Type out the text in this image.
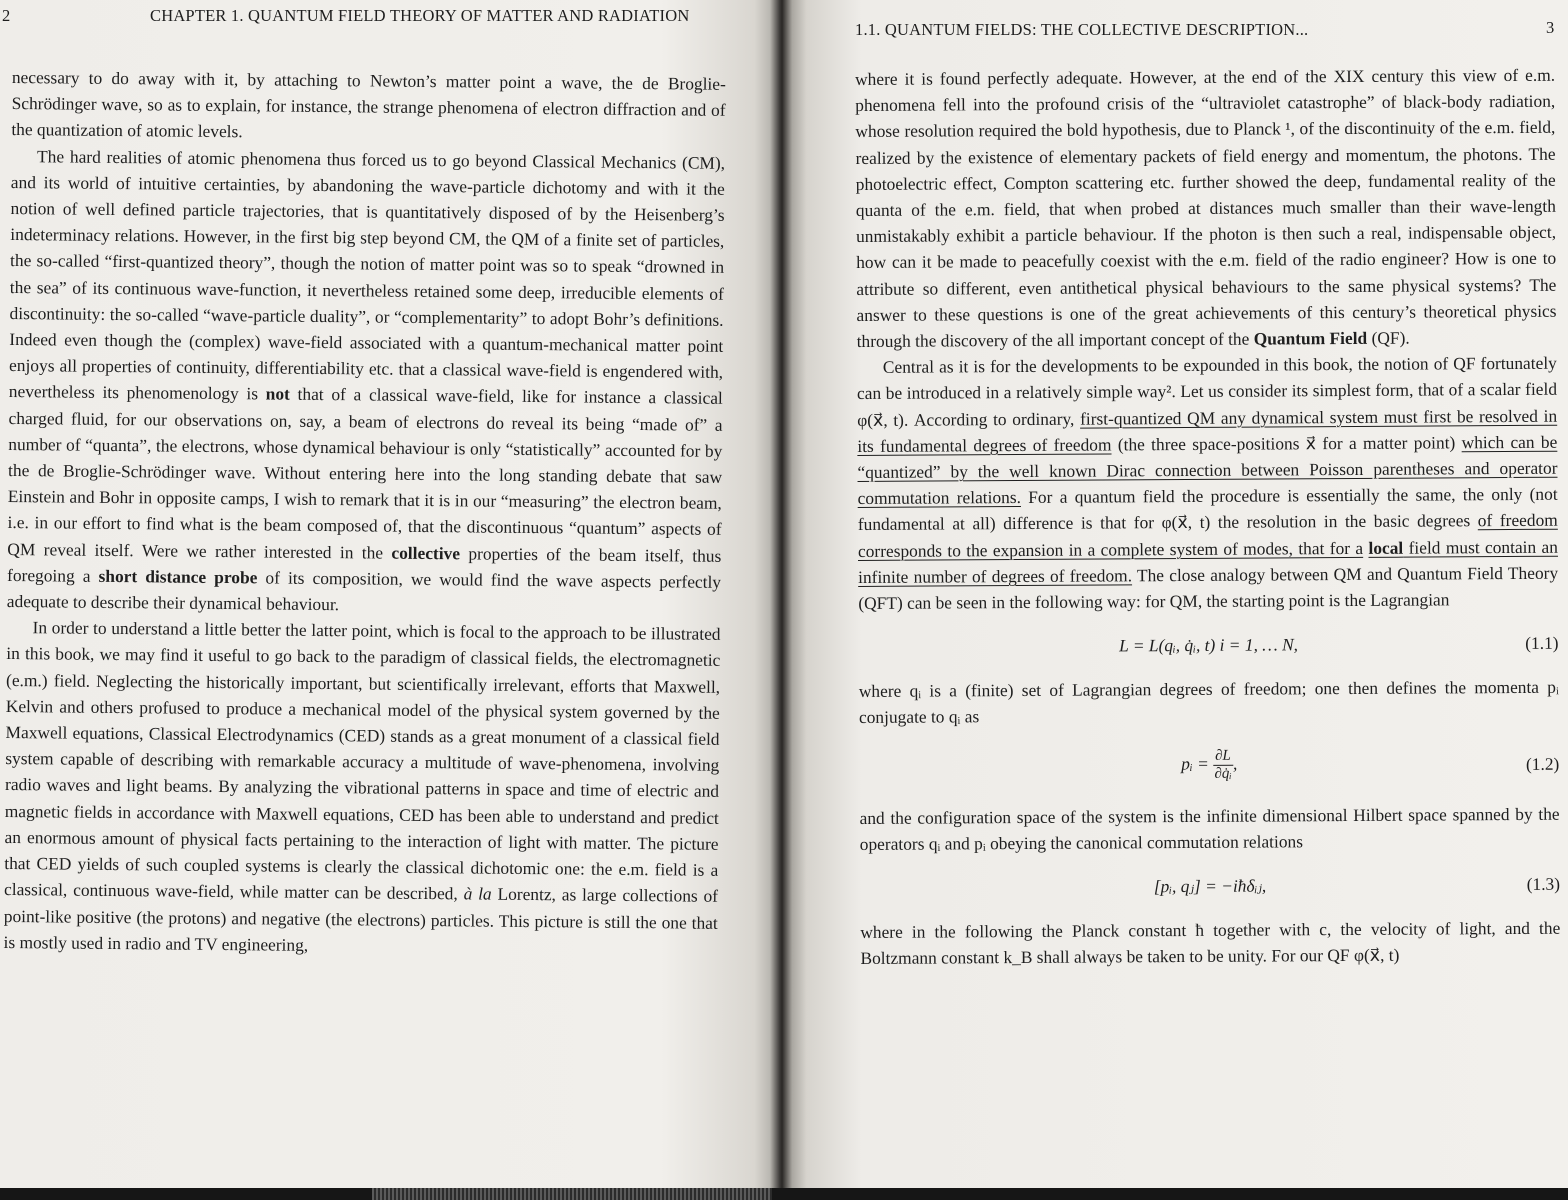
2	CHAPTER 1. QUANTUM FIELD THEORY OF MATTER AND RADIATION

necessary to do away with it, by attaching to Newton’s matter point a wave, the de Broglie-Schrödinger wave, so as to explain, for instance, the strange phenomena of electron diffraction and of the quantization of atomic levels.

The hard realities of atomic phenomena thus forced us to go beyond Classical Mechanics (CM), and its world of intuitive certainties, by abandoning the wave-particle dichotomy and with it the notion of well defined particle trajectories, that is quantitatively disposed of by the Heisenberg’s indeterminacy relations. However, in the first big step beyond CM, the QM of a finite set of particles, the so-called “first-quantized theory”, though the notion of matter point was so to speak “drowned in the sea” of its continuous wave-function, it nevertheless retained some deep, irreducible elements of discontinuity: the so-called “wave-particle duality”, or “complementarity” to adopt Bohr’s definitions. Indeed even though the (complex) wave-field associated with a quantum-mechanical matter point enjoys all properties of continuity, differentiability etc. that a classical wave-field is engendered with, nevertheless its phenomenology is not that of a classical wave-field, like for instance a classical charged fluid, for our observations on, say, a beam of electrons do reveal its being “made of” a number of “quanta”, the electrons, whose dynamical behaviour is only “statistically” accounted for by the de Broglie-Schrödinger wave. Without entering here into the long standing debate that saw Einstein and Bohr in opposite camps, I wish to remark that it is in our “measuring” the electron beam, i.e. in our effort to find what is the beam composed of, that the discontinuous “quantum” aspects of QM reveal itself. Were we rather interested in the collective properties of the beam itself, thus foregoing a short distance probe of its composition, we would find the wave aspects perfectly adequate to describe their dynamical behaviour.

In order to understand a little better the latter point, which is focal to the approach to be illustrated in this book, we may find it useful to go back to the paradigm of classical fields, the electromagnetic (e.m.) field. Neglecting the historically important, but scientifically irrelevant, efforts that Maxwell, Kelvin and others profused to produce a mechanical model of the physical system governed by the Maxwell equations, Classical Electrodynamics (CED) stands as a great monument of a classical field system capable of describing with remarkable accuracy a multitude of wave-phenomena, involving radio waves and light beams. By analyzing the vibrational patterns in space and time of electric and magnetic fields in accordance with Maxwell equations, CED has been able to understand and predict an enormous amount of physical facts pertaining to the interaction of light with matter. The picture that CED yields of such coupled systems is clearly the classical dichotomic one: the e.m. field is a classical, continuous wave-field, while matter can be described, à la Lorentz, as large collections of point-like positive (the protons) and negative (the electrons) particles. This picture is still the one that is mostly used in radio and TV engineering,

1.1. QUANTUM FIELDS: THE COLLECTIVE DESCRIPTION...	3

where it is found perfectly adequate. However, at the end of the XIX century this view of e.m. phenomena fell into the profound crisis of the “ultraviolet catastrophe” of black-body radiation, whose resolution required the bold hypothesis, due to Planck ¹, of the discontinuity of the e.m. field, realized by the existence of elementary packets of field energy and momentum, the photons. The photoelectric effect, Compton scattering etc. further showed the deep, fundamental reality of the quanta of the e.m. field, that when probed at distances much smaller than their wave-length unmistakably exhibit a particle behaviour. If the photon is then such a real, indispensable object, how can it be made to peacefully coexist with the e.m. field of the radio engineer? How is one to attribute so different, even antithetical physical behaviours to the same physical systems? The answer to these questions is one of the great achievements of this century’s theoretical physics through the discovery of the all important concept of the Quantum Field (QF).

Central as it is for the developments to be expounded in this book, the notion of QF fortunately can be introduced in a relatively simple way². Let us consider its simplest form, that of a scalar field φ(x⃗, t). According to ordinary, first-quantized QM any dynamical system must first be resolved in its fundamental degrees of freedom (the three space-positions x⃗ for a matter point) which can be “quantized” by the well known Dirac connection between Poisson parentheses and operator commutation relations. For a quantum field the procedure is essentially the same, the only (not fundamental at all) difference is that for φ(x⃗, t) the resolution in the basic degrees of freedom corresponds to the expansion in a complete system of modes, that for a local field must contain an infinite number of degrees of freedom. The close analogy between QM and Quantum Field Theory (QFT) can be seen in the following way: for QM, the starting point is the Lagrangian

L = L(qᵢ, q̇ᵢ, t) i = 1, … N,	(1.1)

where qᵢ is a (finite) set of Lagrangian degrees of freedom; one then defines the momenta pᵢ conjugate to qᵢ as

pᵢ = $\frac{\partial L}{\text{∂q̇ᵢ}}$ ,	(1.2)

and the configuration space of the system is the infinite dimensional Hilbert space spanned by the operators qᵢ and pᵢ obeying the canonical commutation relations

[pᵢ, qⱼ] = −iħδᵢⱼ,	(1.3)

where in the following the Planck constant ħ together with c, the velocity of light, and the Boltzmann constant k_B shall always be taken to be unity. For our QF φ(x⃗, t)
